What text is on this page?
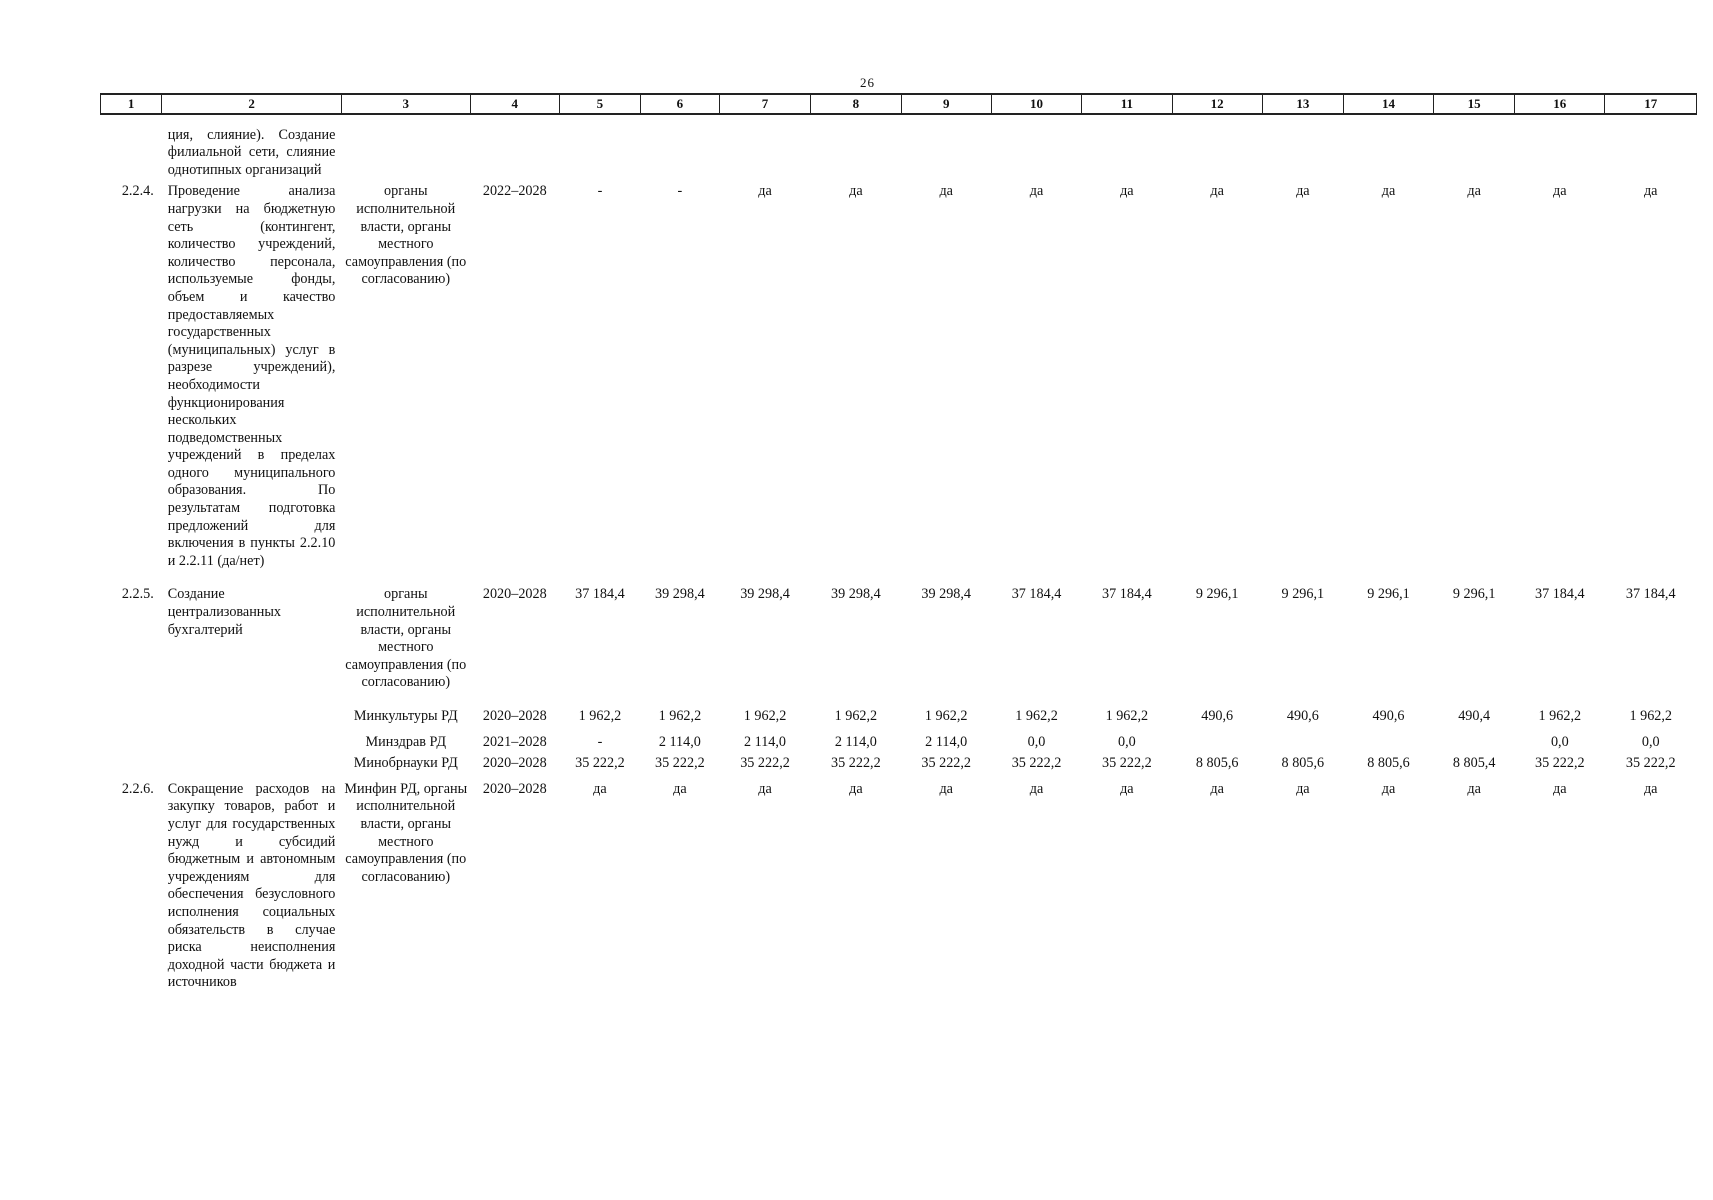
26
1	2	3	4	5	6	7	8	9	10	11	12	13	14	15	16	17

	ция, слияние). Создание филиальной сети, слияние однотипных организаций															
2.2.4.	Проведение анализа нагрузки на бюджетную сеть (контингент, количество учреждений, количество персонала, используемые фонды, объем и качество предоставляемых государственных (муниципальных) услуг в разрезе учреждений), необходимости функционирования нескольких подведомственных учреждений в пределах одного муниципального образования. По результатам подготовка предложений для включения в пункты 2.2.10 и 2.2.11 (да/нет)	органы исполнительной власти, органы местного самоуправления (по согласованию)	2022–2028	-	-	да	да	да	да	да	да	да	да	да	да	да
2.2.5.	Создание централизованных бухгалтерий	органы исполнительной власти, органы местного самоуправления (по согласованию)	2020–2028	37 184,4	39 298,4	39 298,4	39 298,4	39 298,4	37 184,4	37 184,4	9 296,1	9 296,1	9 296,1	9 296,1	37 184,4	37 184,4
		Минкультуры РД	2020–2028	1 962,2	1 962,2	1 962,2	1 962,2	1 962,2	1 962,2	1 962,2	490,6	490,6	490,6	490,4	1 962,2	1 962,2
		Минздрав РД	2021–2028	-	2 114,0	2 114,0	2 114,0	2 114,0	0,0	0,0					0,0	0,0
		Минобрнауки РД	2020–2028	35 222,2	35 222,2	35 222,2	35 222,2	35 222,2	35 222,2	35 222,2	8 805,6	8 805,6	8 805,6	8 805,4	35 222,2	35 222,2
2.2.6.	Сокращение расходов на закупку товаров, работ и услуг для государственных нужд и субсидий бюджетным и автономным учреждениям для обеспечения безусловного исполнения социальных обязательств в случае риска неисполнения доходной части бюджета и источников	Минфин РД, органы исполнительной власти, органы местного самоуправления (по согласованию)	2020–2028	да	да	да	да	да	да	да	да	да	да	да	да	да
